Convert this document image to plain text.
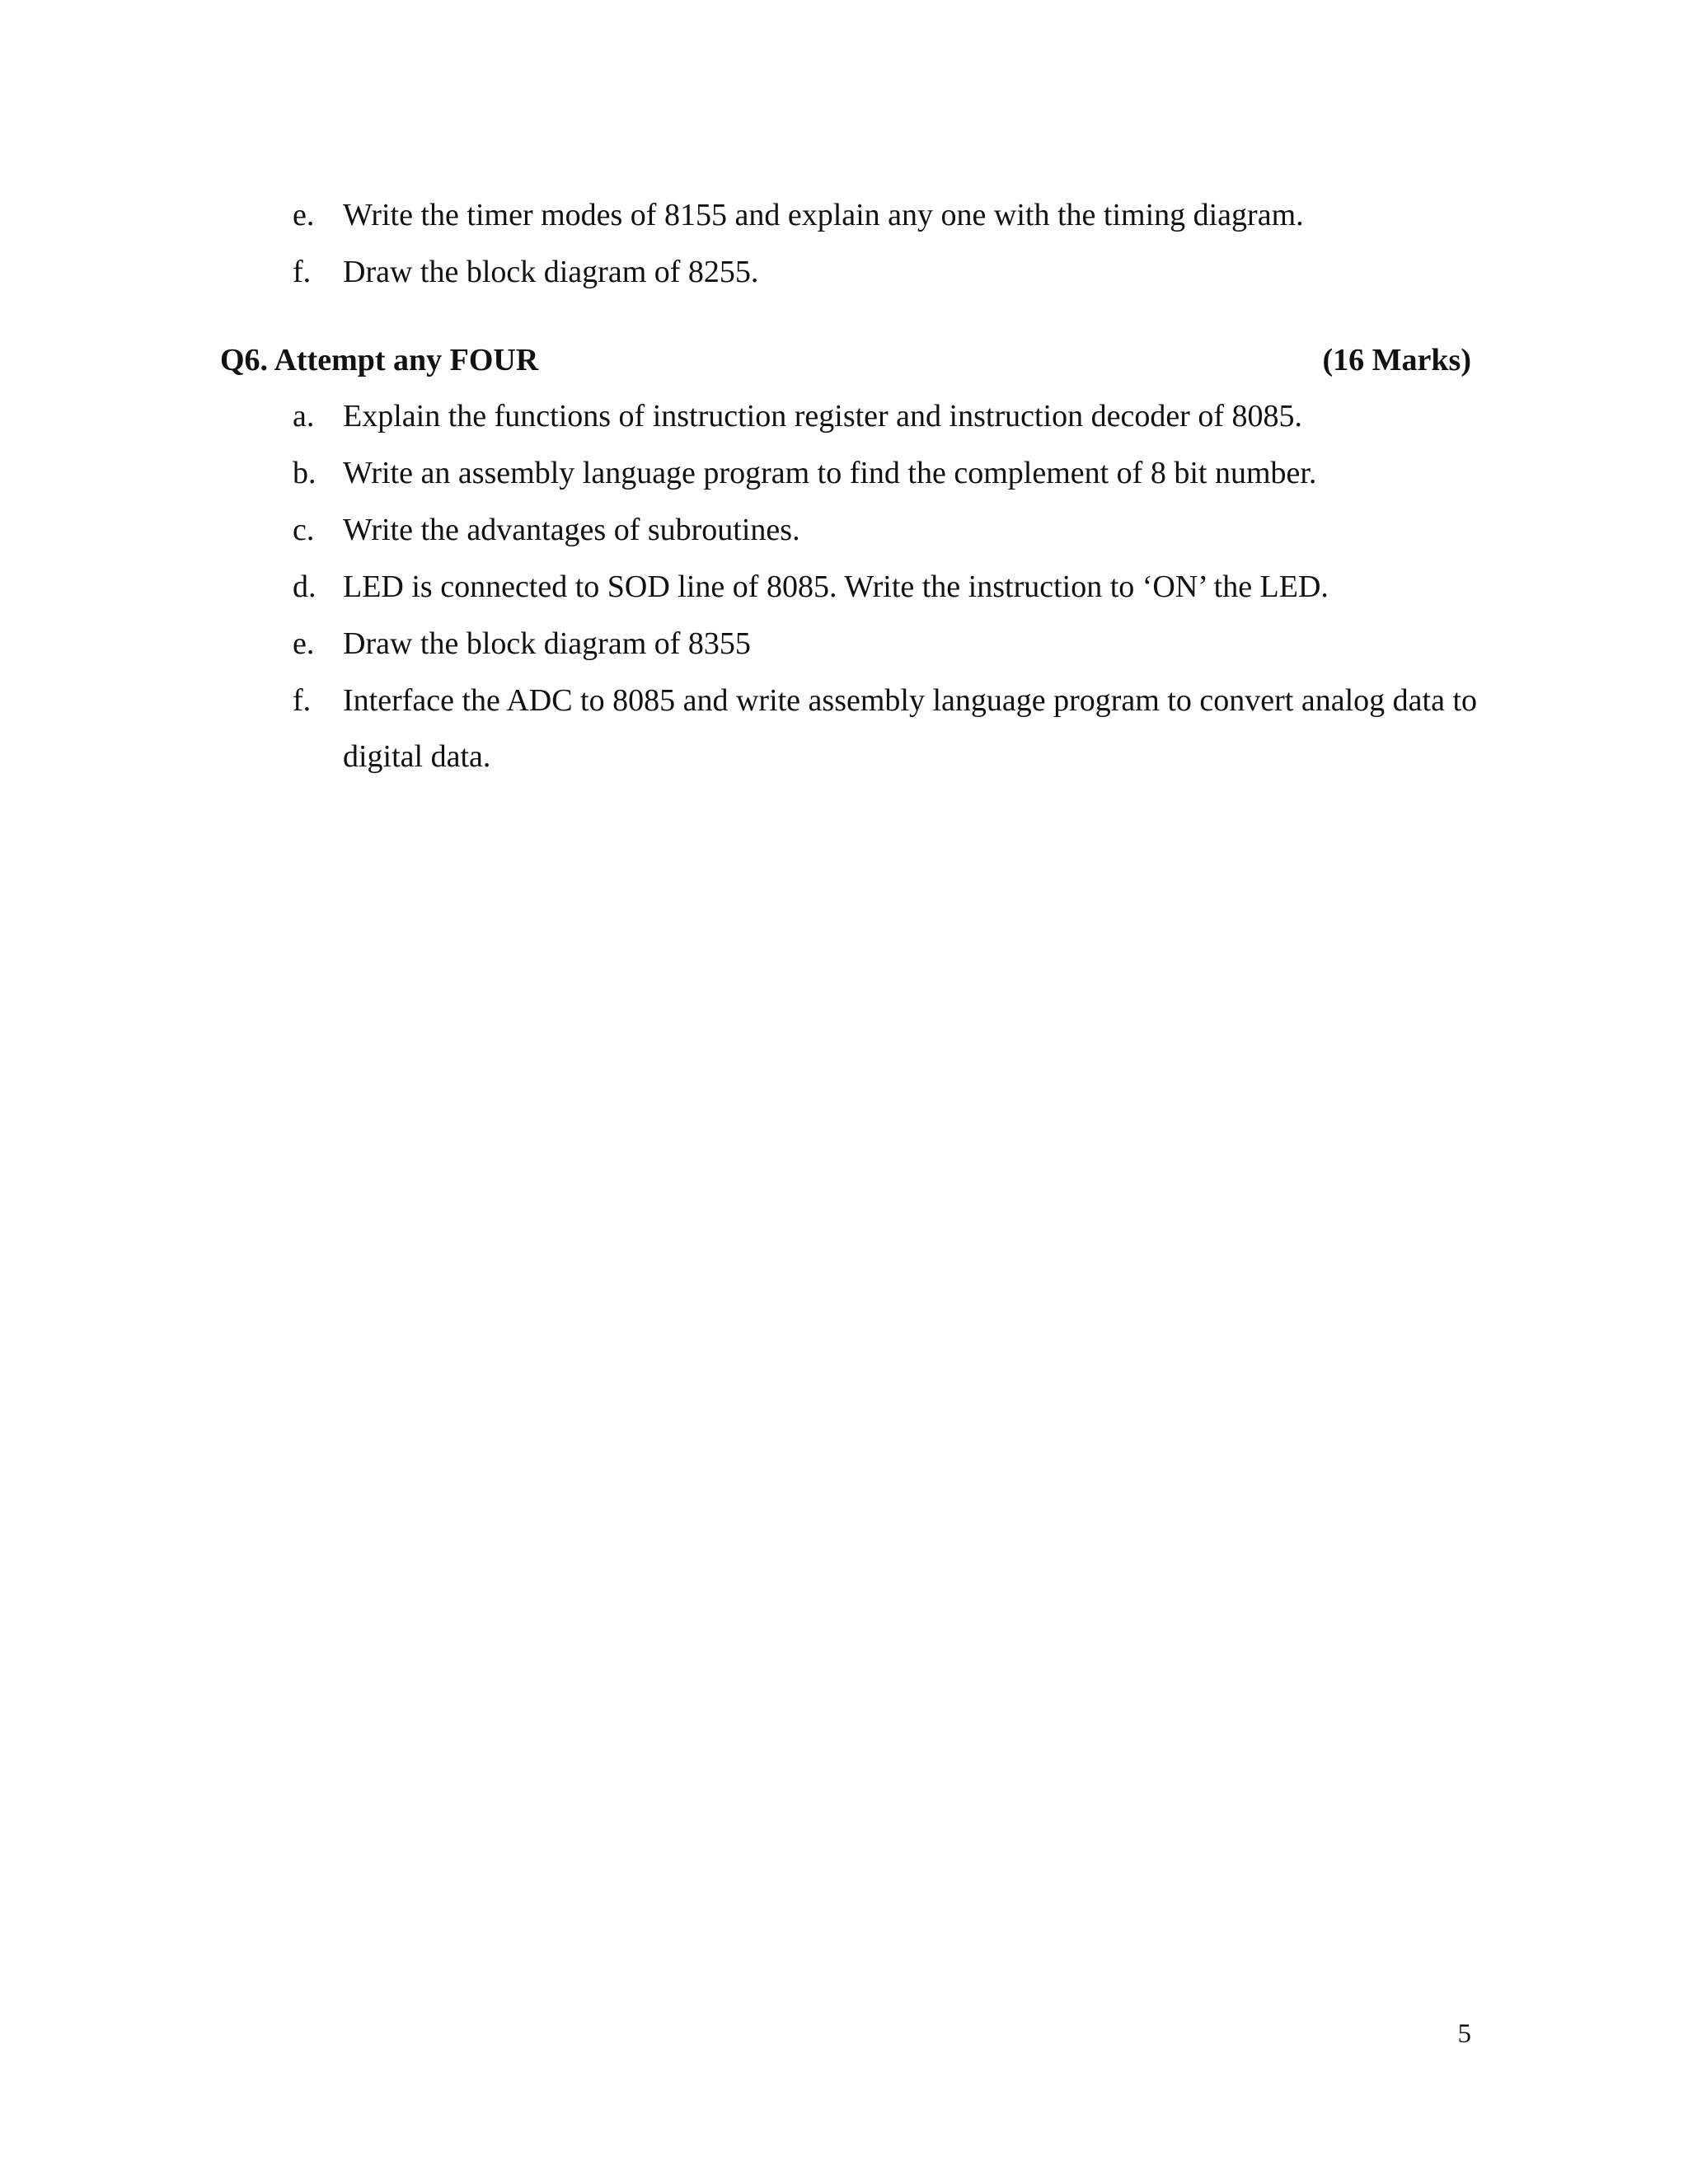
e. Write the timer modes of 8155 and explain any one with the timing diagram.
f. Draw the block diagram of 8255.
Q6. Attempt any FOUR	(16 Marks)
a. Explain the functions of instruction register and instruction decoder of 8085.
b. Write an assembly language program to find the complement of 8 bit number.
c. Write the advantages of subroutines.
d. LED is connected to SOD line of 8085. Write the instruction to ‘ON’ the LED.
e. Draw the block diagram of 8355
f. Interface the ADC to 8085 and write assembly language program to convert analog data to digital data.
5
